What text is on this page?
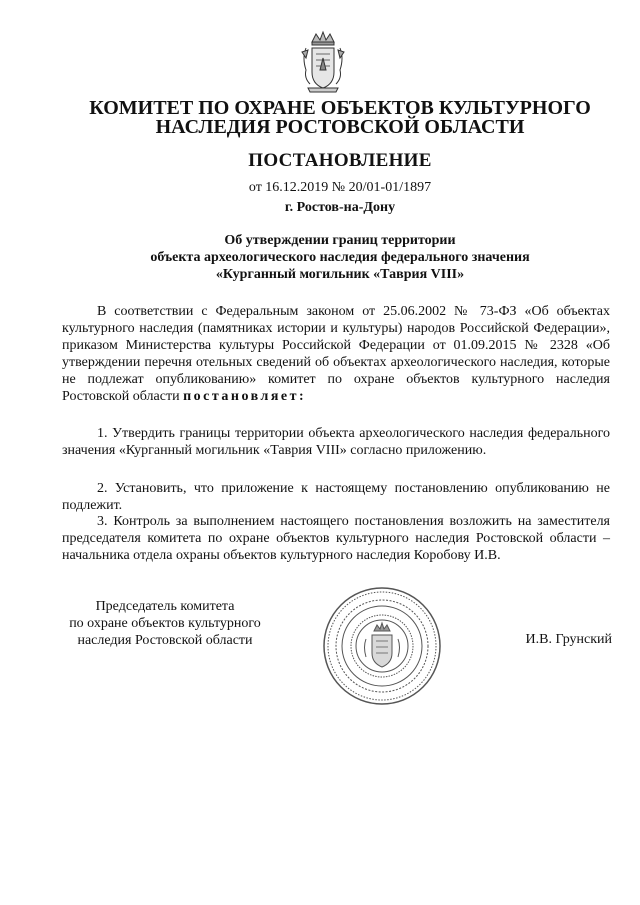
КОМИТЕТ ПО ОХРАНЕ ОБЪЕКТОВ КУЛЬТУРНОГО
НАСЛЕДИЯ РОСТОВСКОЙ ОБЛАСТИ
ПОСТАНОВЛЕНИЕ
от 16.12.2019 № 20/01-01/1897
г. Ростов-на-Дону
Об утверждении границ территории
объекта археологического наследия федерального значения
«Курганный могильник «Таврия VIII»
В соответствии с Федеральным законом от 25.06.2002 № 73-ФЗ «Об объектах культурного наследия (памятниках истории и культуры) народов Российской Федерации», приказом Министерства культуры Российской Федерации от 01.09.2015 № 2328 «Об утверждении перечня отельных сведений об объектах археологического наследия, которые не подлежат опубликованию» комитет по охране объектов культурного наследия Ростовской области постановляет:
1. Утвердить границы территории объекта археологического наследия федерального значения «Курганный могильник «Таврия VIII» согласно приложению.
2. Установить, что приложение к настоящему постановлению опубликованию не подлежит.
3. Контроль за выполнением настоящего постановления возложить на заместителя председателя комитета по охране объектов культурного наследия Ростовской области – начальника отдела охраны объектов культурного наследия Коробову И.В.
Председатель комитета
по охране объектов культурного
наследия Ростовской области	И.В. Грунский
